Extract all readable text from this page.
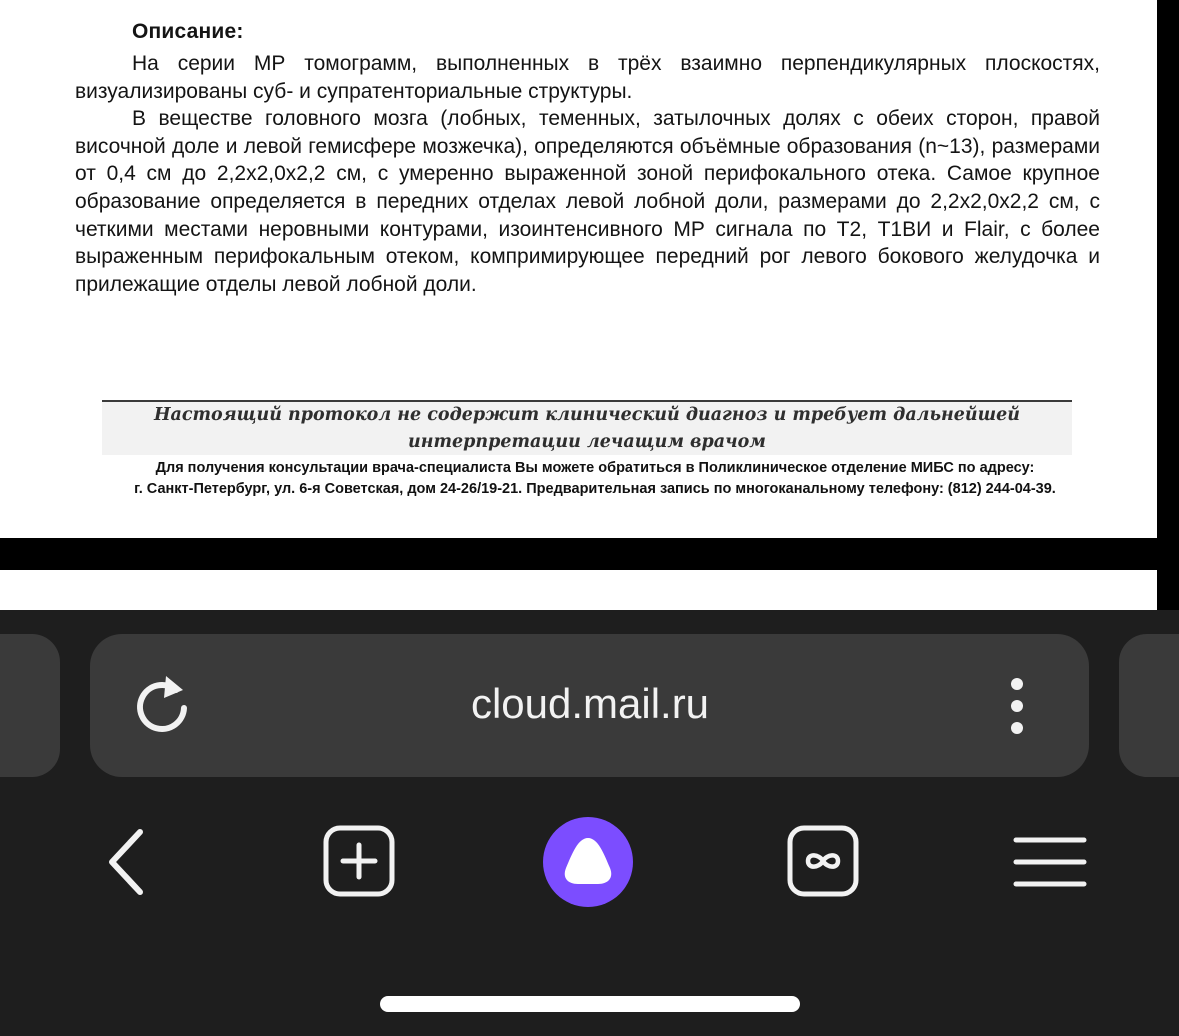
Описание:

На серии МР томограмм, выполненных в трёх взаимно перпендикулярных плоскостях, визуализированы суб- и супратенториальные структуры.

В веществе головного мозга (лобных, теменных, затылочных долях с обеих сторон, правой височной доле и левой гемисфере мозжечка), определяются объёмные образования (n~13), размерами от 0,4 см до 2,2х2,0х2,2 см, с умеренно выраженной зоной перифокального отека. Самое крупное образование определяется в передних отделах левой лобной доли, размерами до 2,2х2,0х2,2 см, с четкими местами неровными контурами, изоинтенсивного МР сигнала по Т2, Т1ВИ и Flair, с более выраженным перифокальным отеком, компримирующее передний рог левого бокового желудочка и прилежащие отделы левой лобной доли.

Настоящий протокол не содержит клинический диагноз и требует дальнейшей
интерпретации лечащим врачом
Для получения консультации врача-специалиста Вы можете обратиться в Поликлиническое отделение МИБС по адресу:
г. Санкт-Петербург, ул. 6-я Советская, дом 24-26/19-21. Предварительная запись по многоканальному телефону: (812) 244-04-39.
cloud.mail.ru
